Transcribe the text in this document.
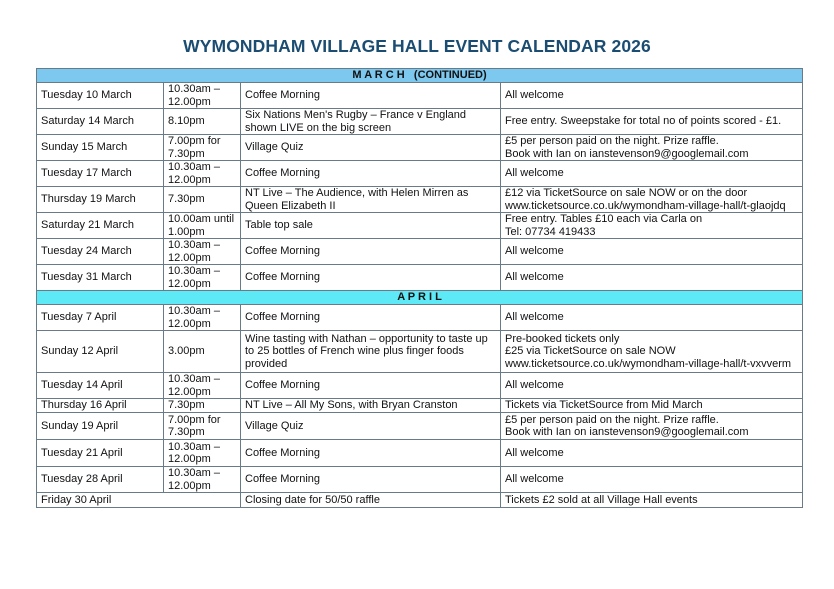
WYMONDHAM VILLAGE HALL EVENT CALENDAR 2026
M A R C H   (CONTINUED)			
Tuesday 10 March	10.30am –
12.00pm	Coffee Morning	All welcome

Saturday 14 March	8.10pm	Six Nations Men's Rugby – France v England
shown LIVE on the big screen	Free entry. Sweepstake for total no of points scored - £1.

Sunday 15 March	7.00pm for
7.30pm	Village Quiz	£5 per person paid on the night. Prize raffle.
Book with Ian on ianstevenson9@googlemail.com

Tuesday 17 March	10.30am –
12.00pm	Coffee Morning	All welcome

Thursday 19 March	7.30pm	NT Live – The Audience, with Helen Mirren as
Queen Elizabeth II	£12 via TicketSource on sale NOW or on the door
www.ticketsource.co.uk/wymondham-village-hall/t-glaojdq

Saturday 21 March	10.00am until
1.00pm	Table top sale	Free entry. Tables £10 each via Carla on
Tel: 07734 419433

Tuesday 24 March	10.30am –
12.00pm	Coffee Morning	All welcome

Tuesday 31 March	10.30am –
12.00pm	Coffee Morning	All welcome

A P R I L			
Tuesday 7 April	10.30am –
12.00pm	Coffee Morning	All welcome

Sunday 12 April	3.00pm	Wine tasting with Nathan – opportunity to taste up
to 25 bottles of French wine plus finger foods
provided	Pre-booked tickets only
£25 via TicketSource on sale NOW
www.ticketsource.co.uk/wymondham-village-hall/t-vxvverm

Tuesday 14 April	10.30am –
12.00pm	Coffee Morning	All welcome

Thursday 16 April	7.30pm	NT Live – All My Sons, with Bryan Cranston	Tickets via TicketSource from Mid March

Sunday 19 April	7.00pm for
7.30pm	Village Quiz	£5 per person paid on the night. Prize raffle.
Book with Ian on ianstevenson9@googlemail.com

Tuesday 21 April	10.30am –
12.00pm	Coffee Morning	All welcome

Tuesday 28 April	10.30am –
12.00pm	Coffee Morning	All welcome

Friday 30 April		Closing date for 50/50 raffle	Tickets £2 sold at all Village Hall events
